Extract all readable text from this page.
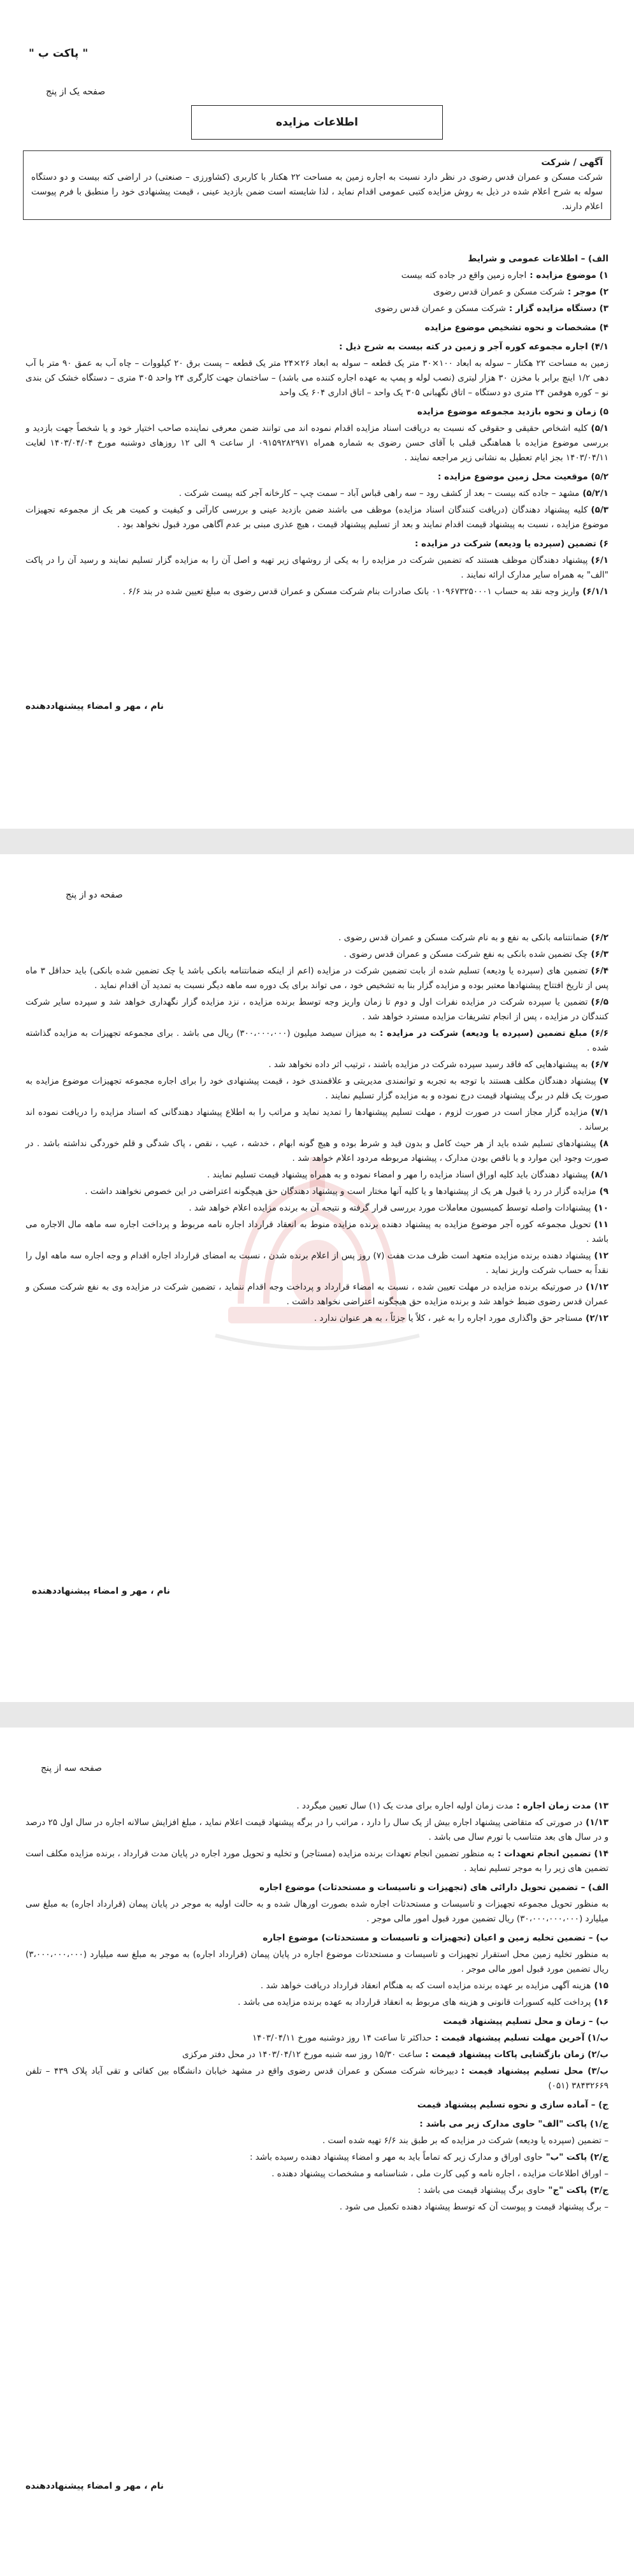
" پاکت ب "
صفحه یک از پنج
اطلاعات مزایده
آگهی / شرکت

شرکت مسکن و عمران قدس رضوی در نظر دارد نسبت به اجاره زمین به مساحت ۲۲ هکتار با کاربری (کشاورزی – صنعتی) در اراضی کته بیست و دو دستگاه سوله به شرح اعلام شده در ذیل به روش مزایده کتبی عمومی اقدام نماید ، لذا شایسته است ضمن بازدید عینی ، قیمت پیشنهادی خود را منطبق با فرم پیوست اعلام دارند.

الف) – اطلاعات عمومی و شرایط

۱) موضوع مزایده :اجاره زمین واقع در جاده کته بیست

۲) موجر :شرکت مسکن و عمران قدس رضوی

۳) دستگاه مزایده گزار :شرکت مسکن و عمران قدس رضوی

۴) مشخصات و نحوه تشخیص موضوع مزایده

۴/۱) اجاره مجموعه کوره آجر و زمین در کته بیست به شرح ذیل :

زمین به مساحت ۲۲ هکتار – سوله به ابعاد ۱۰۰×۳۰ متر یک قطعه – سوله به ابعاد ۲۶×۲۴ متر یک قطعه – پست برق ۲۰ کیلووات – چاه آب به عمق ۹۰ متر با آب دهی ۱/۲ اینچ برابر با مخزن ۳۰ هزار لیتری (نصب لوله و پمپ به عهده اجاره کننده می باشد) – ساختمان جهت کارگری ۲۴ واحد ۳۰۵ متری – دستگاه خشک کن بندی نو – کوره هوفمن ۲۴ متری دو دستگاه – اتاق نگهبانی ۳۰۵ یک واحد – اتاق اداری ۶۰۴ یک واحد

۵) زمان و نحوه بازدید مجموعه موضوع مزایده

۵/۱)کلیه اشخاص حقیقی و حقوقی که نسبت به دریافت اسناد مزایده اقدام نموده اند می توانند ضمن معرفی نماینده صاحب اختیار خود و یا شخصاً جهت بازدید و بررسی موضوع مزایده با هماهنگی قبلی با آقای حسن رضوی به شماره همراه ۰۹۱۵۹۲۸۲۹۷۱ از ساعت ۹ الی ۱۲ روزهای دوشنبه مورخ ۱۴۰۳/۰۴/۰۴ لغایت ۱۴۰۳/۰۴/۱۱ بجز ایام تعطیل به نشانی زیر مراجعه نمایند .

۵/۲) موقعیت محل زمین موضوع مزایده :

۵/۲/۱)مشهد – جاده کته بیست – بعد از کشف رود – سه راهی قباس آباد – سمت چپ – کارخانه آجر کته بیست شرکت .

۵/۳)کلیه پیشنهاد دهندگان (دریافت کنندگان اسناد مزایده) موظف می باشند ضمن بازدید عینی و بررسی کارآئی و کیفیت و کمیت هر یک از مجموعه تجهیزات موضوع مزایده ، نسبت به پیشنهاد قیمت اقدام نمایند و بعد از تسلیم پیشنهاد قیمت ، هیچ عذری مبنی بر عدم آگاهی مورد قبول نخواهد بود .

۶) تضمین (سپرده یا ودیعه) شرکت در مزایده :

۶/۱)پیشنهاد دهندگان موظف هستند که تضمین شرکت در مزایده را به یکی از روشهای زیر تهیه و اصل آن را به مزایده گزار تسلیم نمایند و رسید آن را در پاکت "الف" به همراه سایر مدارک ارائه نمایند .

۶/۱/۱)واریز وجه نقد به حساب ۰۱۰۹۶۷۳۲۵۰۰۰۱ بانک صادرات بنام شرکت مسکن و عمران قدس رضوی به مبلغ تعیین شده در بند ۶/۶ .

نام ، مهر و امضاء پیشنهاددهنده
صفحه دو از پنج

۶/۲)ضمانتنامه بانکی به نفع و به نام شرکت مسکن و عمران قدس رضوی .

۶/۳)چک تضمین شده بانکی به نفع شرکت مسکن و عمران قدس رضوی .

۶/۴)تضمین های (سپرده یا ودیعه) تسلیم شده از بابت تضمین شرکت در مزایده (اعم از اینکه ضمانتنامه بانکی باشد یا چک تضمین شده بانکی) باید حداقل ۳ ماه پس از تاریخ افتتاح پیشنهادها معتبر بوده و مزایده گزار بنا به تشخیص خود ، می تواند برای یک دوره سه ماهه دیگر نسبت به تمدید آن اقدام نماید .

۶/۵)تضمین یا سپرده شرکت در مزایده نفرات اول و دوم تا زمان واریز وجه توسط برنده مزایده ، نزد مزایده گزار نگهداری خواهد شد و سپرده سایر شرکت کنندگان در مزایده ، پس از انجام تشریفات مزایده مسترد خواهد شد .

۶/۶) مبلغ تضمین (سپرده یا ودیعه) شرکت در مزایده :به میزان سیصد میلیون (۳۰۰،۰۰۰،۰۰۰) ریال می باشد . برای مجموعه تجهیزات به مزایده گذاشته شده .

۶/۷)به پیشنهادهایی که فاقد رسید سپرده شرکت در مزایده باشند ، ترتیب اثر داده نخواهد شد .

۷)پیشنهاد دهندگان مکلف هستند با توجه به تجربه و توانمندی مدیریتی و علاقمندی خود ، قیمت پیشنهادی خود را برای اجاره مجموعه تجهیزات موضوع مزایده به صورت یک قلم در برگ پیشنهاد قیمت درج نموده و به مزایده گزار تسلیم نمایند .

۷/۱)مزایده گزار مجاز است در صورت لزوم ، مهلت تسلیم پیشنهادها را تمدید نماید و مراتب را به اطلاع پیشنهاد دهندگانی که اسناد مزایده را دریافت نموده اند برساند .

۸)پیشنهادهای تسلیم شده باید از هر حیث کامل و بدون قید و شرط بوده و هیچ گونه ابهام ، خدشه ، عیب ، نقص ، پاک شدگی و قلم خوردگی نداشته باشد . در صورت وجود این موارد و یا ناقص بودن مدارک ، پیشنهاد مربوطه مردود اعلام خواهد شد .

۸/۱)پیشنهاد دهندگان باید کلیه اوراق اسناد مزایده را مهر و امضاء نموده و به همراه پیشنهاد قیمت تسلیم نمایند .

۹)مزایده گزار در رد یا قبول هر یک از پیشنهادها و یا کلیه آنها مختار است و پیشنهاد دهندگان حق هیچگونه اعتراضی در این خصوص نخواهند داشت .

۱۰)پیشنهادات واصله توسط کمیسیون معاملات مورد بررسی قرار گرفته و نتیجه آن به برنده مزایده اعلام خواهد شد .

۱۱)تحویل مجموعه کوره آجر موضوع مزایده به پیشنهاد دهنده برنده مزایده منوط به انعقاد قرارداد اجاره نامه مربوط و پرداخت اجاره سه ماهه مال الاجاره می باشد .

۱۲)پیشنهاد دهنده برنده مزایده متعهد است ظرف مدت هفت (۷) روز پس از اعلام برنده شدن ، نسبت به امضای قرارداد اجاره اقدام و وجه اجاره سه ماهه اول را نقداً به حساب شرکت واریز نماید .

۱/۱۲)در صورتیکه برنده مزایده در مهلت تعیین شده ، نسبت به امضاء قرارداد و پرداخت وجه اقدام ننماید ، تضمین شرکت در مزایده وی به نفع شرکت مسکن و عمران قدس رضوی ضبط خواهد شد و برنده مزایده حق هیچگونه اعتراضی نخواهد داشت .

۲/۱۲)مستاجر حق واگذاری مورد اجاره را به غیر ، کلاً یا جزئاً ، به هر عنوان ندارد .

نام ، مهر و امضاء پیشنهاددهنده
صفحه سه از پنج

۱۳) مدت زمان اجاره :مدت زمان اولیه اجاره برای مدت یک (۱) سال تعیین میگردد .

۱/۱۳)در صورتی که متقاضی پیشنهاد اجاره بیش از یک سال را دارد ، مراتب را در برگه پیشنهاد قیمت اعلام نماید ، مبلغ افزایش سالانه اجاره در سال اول ۲۵ درصد و در سال های بعد متناسب با تورم سال می باشد .

۱۴) تضمین انجام تعهدات :به منظور تضمین انجام تعهدات برنده مزایده (مستاجر) و تخلیه و تحویل مورد اجاره در پایان مدت قرارداد ، برنده مزایده مکلف است تضمین های زیر را به موجر تسلیم نماید .

الف) – تضمین تحویل دارائی های (تجهیزات و تاسیسات و مستحدثات) موضوع اجاره

به منظور تحویل مجموعه تجهیزات و تاسیسات و مستحدثات اجاره شده بصورت اورهال شده و به حالت اولیه به موجر در پایان پیمان (قرارداد اجاره) به مبلغ سی میلیارد (۳۰،۰۰۰،۰۰۰،۰۰۰) ریال تضمین مورد قبول امور مالی موجر .

ب) – تضمین تخلیه زمین و اعیان (تجهیزات و تاسیسات و مستحدثات) موضوع اجاره

به منظور تخلیه زمین محل استقرار تجهیزات و تاسیسات و مستحدثات موضوع اجاره در پایان پیمان (قرارداد اجاره) به موجر به مبلغ سه میلیارد (۳،۰۰۰،۰۰۰،۰۰۰) ریال تضمین مورد قبول امور مالی موجر .

۱۵)هزینه آگهی مزایده بر عهده برنده مزایده است که به هنگام انعقاد قرارداد دریافت خواهد شد .

۱۶)پرداخت کلیه کسورات قانونی و هزینه های مربوط به انعقاد قرارداد به عهده برنده مزایده می باشد .

ب) – زمان و محل تسلیم پیشنهاد قیمت

ب/۱) آخرین مهلت تسلیم پیشنهاد قیمت :حداکثر تا ساعت ۱۴ روز دوشنبه مورخ ۱۴۰۳/۰۴/۱۱

ب/۲) زمان بازگشایی پاکات پیشنهاد قیمت :ساعت ۱۵/۳۰ روز سه شنبه مورخ ۱۴۰۳/۰۴/۱۲ در محل دفتر مرکزی

ب/۳) محل تسلیم پیشنهاد قیمت :دبیرخانه شرکت مسکن و عمران قدس رضوی واقع در مشهد خیابان دانشگاه بین کفائی و تقی آباد پلاک ۴۳۹ – تلفن ۳۸۴۳۲۶۶۹ (۰۵۱)

ج) – آماده سازی و نحوه تسلیم پیشنهاد قیمت

ج/۱) پاکت "الف" حاوی مدارک زیر می باشد :

– تضمین (سپرده یا ودیعه) شرکت در مزایده که بر طبق بند ۶/۶ تهیه شده است .

ج/۲) پاکت "ب"حاوی اوراق و مدارک زیر که تماماً باید به مهر و امضاء پیشنهاد دهنده رسیده باشد :

– اوراق اطلاعات مزایده ، اجاره نامه و کپی کارت ملی ، شناسنامه و مشخصات پیشنهاد دهنده .

ج/۳) پاکت "ج"حاوی برگ پیشنهاد قیمت می باشد :

– برگ پیشنهاد قیمت و پیوست آن که توسط پیشنهاد دهنده تکمیل می شود .

نام ، مهر و امضاء پیشنهاددهنده
